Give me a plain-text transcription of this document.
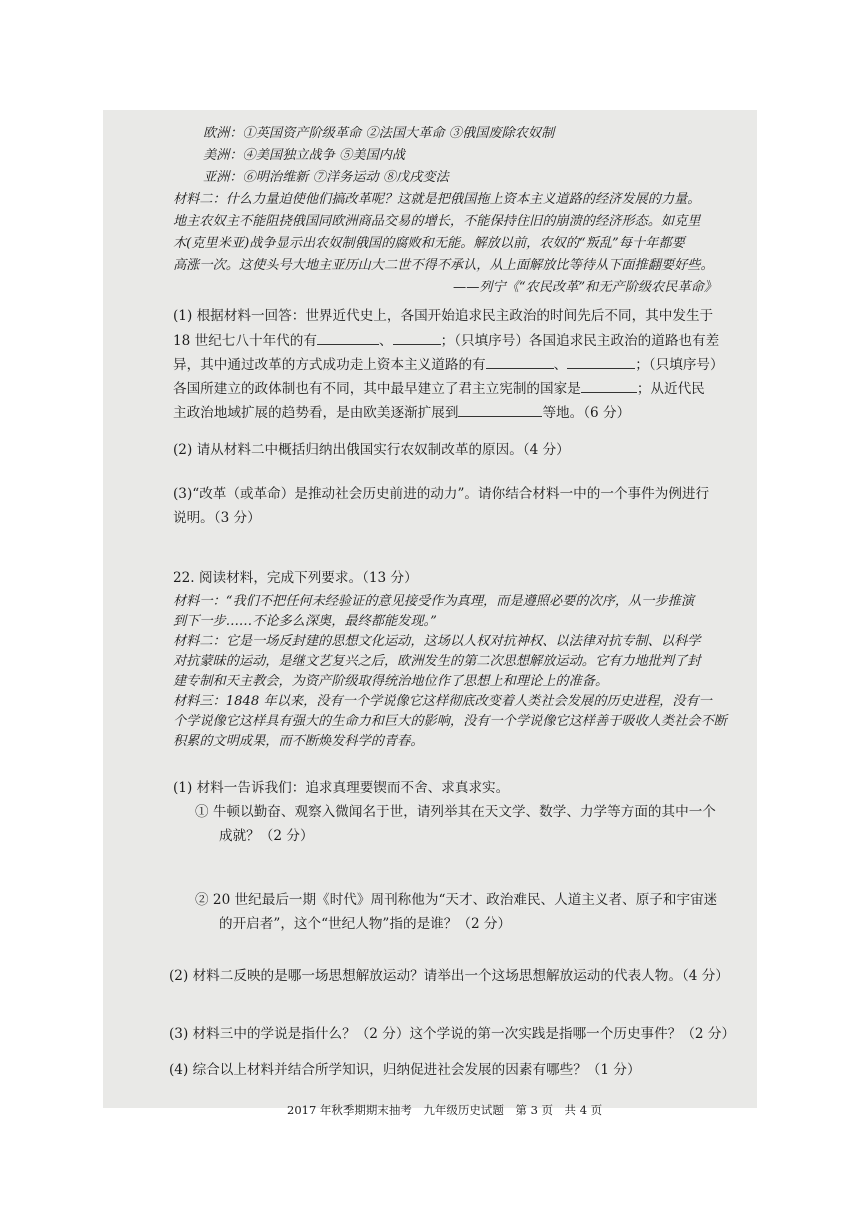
欧洲：①英国资产阶级革命 ②法国大革命 ③俄国废除农奴制
美洲：④美国独立战争 ⑤美国内战
亚洲：⑥明治维新 ⑦洋务运动 ⑧戊戌变法
材料二：什么力量迫使他们搞改革呢？这就是把俄国拖上资本主义道路的经济发展的力量。
地主农奴主不能阻挠俄国同欧洲商品交易的增长，不能保持住旧的崩溃的经济形态。如克里
木(克里米亚)战争显示出农奴制俄国的腐败和无能。解放以前，农奴的“叛乱”每十年都要
高涨一次。这使头号大地主亚历山大二世不得不承认，从上面解放比等待从下面推翻要好些。
——列宁《“农民改革”和无产阶级农民革命》
(1) 根据材料一回答：世界近代史上，各国开始追求民主政治的时间先后不同，其中发生于
18 世纪七八十年代的有	、	；（只填序号）各国追求民主政治的道路也有差
异，其中通过改革的方式成功走上资本主义道路的有	、	；（只填序号）
各国所建立的政体制也有不同，其中最早建立了君主立宪制的国家是	；从近代民
主政治地域扩展的趋势看，是由欧美逐渐扩展到	等地。（6 分）
(2) 请从材料二中概括归纳出俄国实行农奴制改革的原因。（4 分）
(3)“改革（或革命）是推动社会历史前进的动力”。请你结合材料一中的一个事件为例进行
说明。（3 分）
22. 阅读材料，完成下列要求。（13 分）
材料一：“我们不把任何未经验证的意见接受作为真理，而是遵照必要的次序，从一步推演
到下一步……不论多么深奥，最终都能发现。”
材料二：它是一场反封建的思想文化运动，这场以人权对抗神权、以法律对抗专制、以科学
对抗蒙昧的运动，是继文艺复兴之后，欧洲发生的第二次思想解放运动。它有力地批判了封
建专制和天主教会，为资产阶级取得统治地位作了思想上和理论上的准备。
材料三：1848 年以来，没有一个学说像它这样彻底改变着人类社会发展的历史进程，没有一
个学说像它这样具有强大的生命力和巨大的影响，没有一个学说像它这样善于吸收人类社会不断
积累的文明成果，而不断焕发科学的青春。
(1) 材料一告诉我们：追求真理要锲而不舍、求真求实。
① 牛顿以勤奋、观察入微闻名于世，请列举其在天文学、数学、力学等方面的其中一个
成就？（2 分）
② 20 世纪最后一期《时代》周刊称他为“天才、政治难民、人道主义者、原子和宇宙迷
的开启者”，这个“世纪人物”指的是谁？（2 分）
(2) 材料二反映的是哪一场思想解放运动？请举出一个这场思想解放运动的代表人物。（4 分）
(3) 材料三中的学说是指什么？（2 分）这个学说的第一次实践是指哪一个历史事件？（2 分）
(4) 综合以上材料并结合所学知识，归纳促进社会发展的因素有哪些？（1 分）
2017 年秋季期期末抽考　九年级历史试题　第 3 页　共 4 页
